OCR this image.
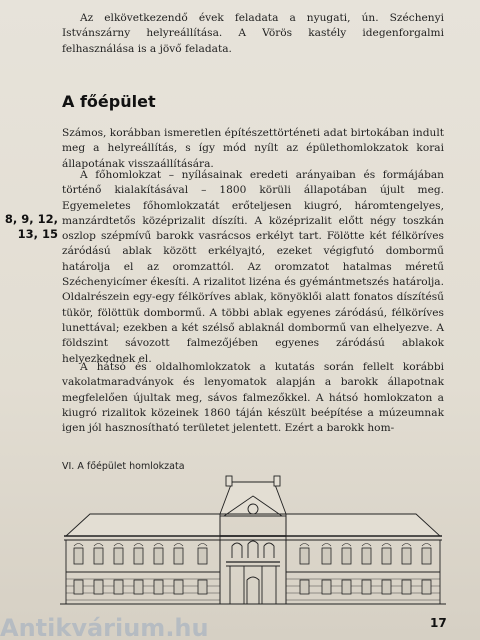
Az elkövetkezendő évek feladata a nyugati, ún. Széchenyi Istvánszárny helyreállítása. A Vörös kastély idegenforgalmi felhasználása is a jövő feladata.
A főépület
Számos, korábban ismeretlen építészettörténeti adat birtokában indult meg a helyreállítás, s így mód nyílt az épülethomlokzatok korai állapotának visszaállítására.
8, 9, 12, 13, 15
A főhomlokzat – nyílásainak eredeti arányaiban és formájában történő kialakításával – 1800 körüli állapotában újult meg. Egyemeletes főhomlokzatát erőteljesen kiugró, háromtengelyes, manzárdtetős középrizalit díszíti. A középrizalit előtt négy toszkán oszlop szépmívű barokk vasrácsos erkélyt tart. Fölötte két félköríves záródású ablak között erkélyajtó, ezeket végigfutó dombormű határolja el az oromzattól. Az oromzatot hatalmas méretű Széchenyicímer ékesíti. A rizalitot lizéna és gyémántmetszés határolja. Oldalrészein egy-egy félköríves ablak, könyöklői alatt fonatos díszítésű tükör, fölöttük dombormű. A többi ablak egyenes záródású, félköríves lunettával; ezekben a két szélső ablaknál dombormű van elhelyezve. A földszint sávozott falmezőjében egyenes záródású ablakok helyezkednek el.
A hátsó és oldalhomlokzatok a kutatás során fellelt korábbi vakolatmaradványok és lenyomatok alapján a barokk állapotnak megfelelően újultak meg, sávos falmezőkkel. A hátsó homlokzaton a kiugró rizalitok közeinek 1860 táján készült beépítése a múzeumnak igen jól hasznosítható területet jelentett. Ezért a barokk hom-
VI. A főépület homlokzata
17
Antikvárium.hu
